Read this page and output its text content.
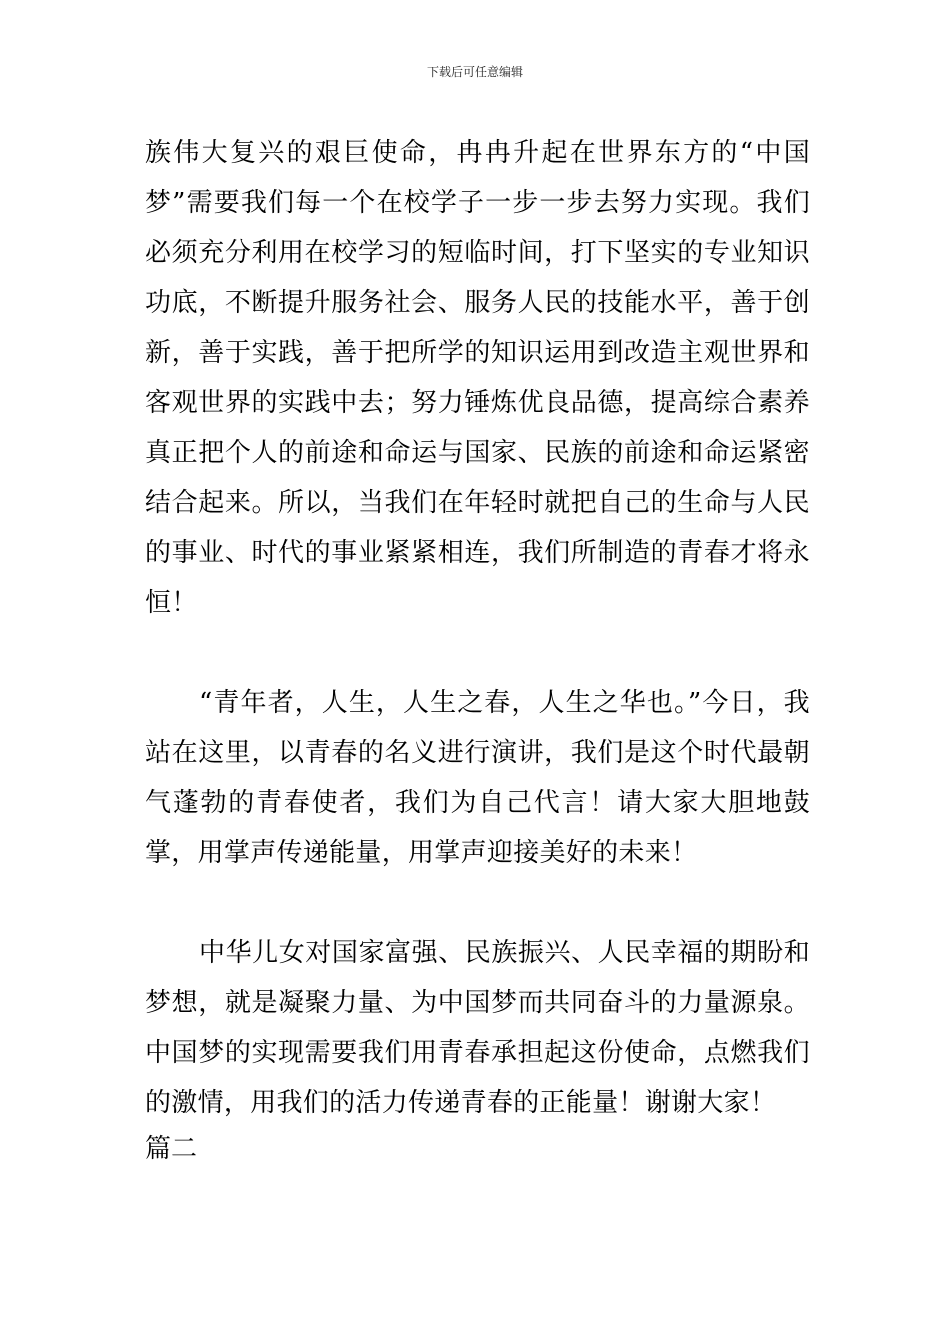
下载后可任意编辑

族伟大复兴的艰巨使命，冉冉升起在世界东方的“中国梦”需要我们每一个在校学子一步一步去努力实现。我们必须充分利用在校学习的短临时间，打下坚实的专业知识功底，不断提升服务社会、服务人民的技能水平，善于创新，善于实践，善于把所学的知识运用到改造主观世界和客观世界的实践中去；努力锤炼优良品德，提高综合素养真正把个人的前途和命运与国家、民族的前途和命运紧密结合起来。所以，当我们在年轻时就把自己的生命与人民的事业、时代的事业紧紧相连，我们所制造的青春才将永恒！

“青年者，人生，人生之春，人生之华也。”今日，我站在这里，以青春的名义进行演讲，我们是这个时代最朝气蓬勃的青春使者，我们为自己代言！请大家大胆地鼓掌，用掌声传递能量，用掌声迎接美好的未来！

中华儿女对国家富强、民族振兴、人民幸福的期盼和梦想，就是凝聚力量、为中国梦而共同奋斗的力量源泉。中国梦的实现需要我们用青春承担起这份使命，点燃我们的激情，用我们的活力传递青春的正能量！谢谢大家！

篇二
